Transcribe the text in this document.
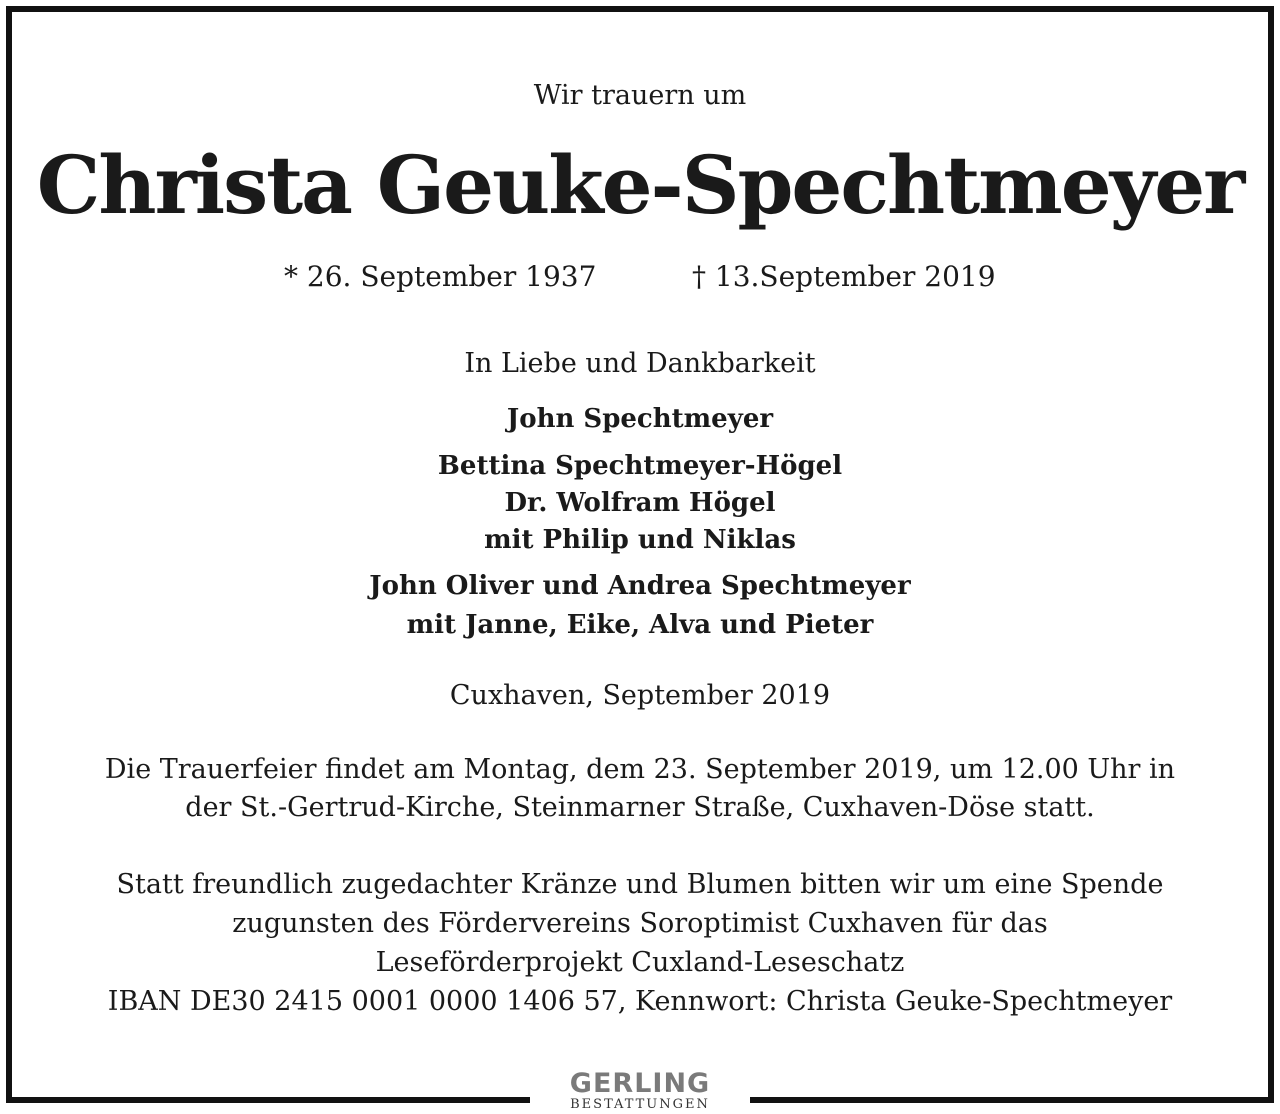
Wir trauern um
Christa Geuke-Spechtmeyer
* 26. September 1937	† 13.September 2019
In Liebe und Dankbarkeit
John Spechtmeyer
Bettina Spechtmeyer-Högel
Dr. Wolfram Högel
mit Philip und Niklas
John Oliver und Andrea Spechtmeyer
mit Janne, Eike, Alva und Pieter
Cuxhaven, September 2019
Die Trauerfeier findet am Montag, dem 23. September 2019, um 12.00 Uhr in
der St.-Gertrud-Kirche, Steinmarner Straße, Cuxhaven-Döse statt.
Statt freundlich zugedachter Kränze und Blumen bitten wir um eine Spende
zugunsten des Fördervereins Soroptimist Cuxhaven für das
Leseförderprojekt Cuxland-Leseschatz
IBAN DE30 2415 0001 0000 1406 57, Kennwort: Christa Geuke-Spechtmeyer
GERLING
BESTATTUNGEN
